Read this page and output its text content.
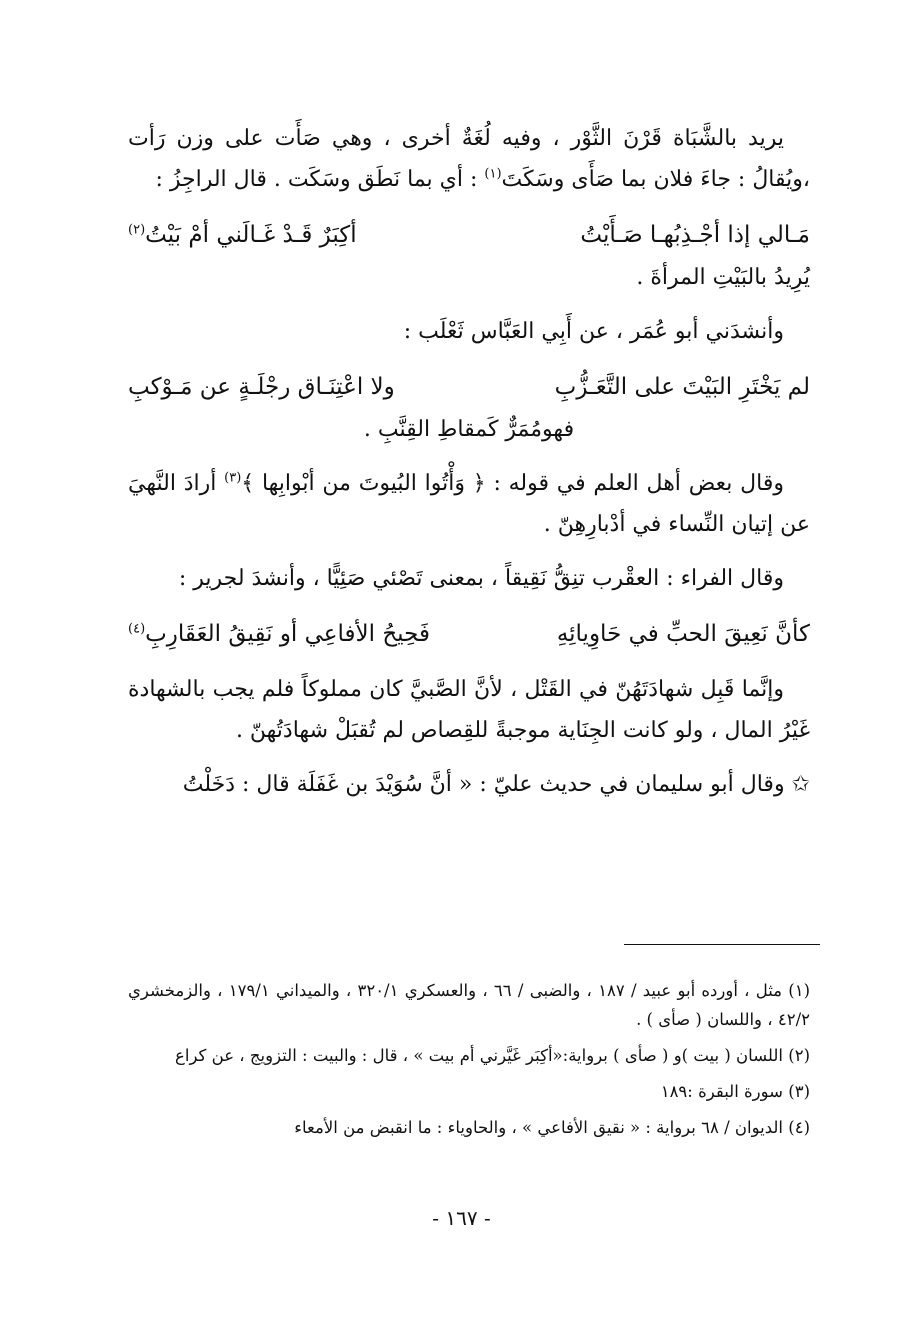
يريد بالشَّبَاة قَرْنَ الثَّوْر ، وفيه لُغَةٌ أخرى ، وهي صَأَت على وزن رَأت ،ويُقالُ : جاءَ فلان بما صَأَى وسَكَتَ$^{(١)}$ : أي بما نَطَق وسَكَت . قال الراجِزُ :

مَـالي إذا أجْـذِبُهـا صَـأَيْتُ
أكِبَرٌ قَـدْ غَـالَني أمْ بَيْتُ$^{(٢)}$

يُرِيدُ بالبَيْتِ المرأةَ .

وأنشدَني أبو عُمَر ، عن أَبِي العَبَّاس ثَعْلَب :

لم يَخْتَرِ البَيْتَ على التَّعَـزُّبِ
ولا اعْتِنَـاق رجْلَـةٍ عن مَـوْكبِ

فهومُمَرٌّ كَمقاطِ القِنَّبِ .

وقال بعض أهل العلم في قوله : ﴿ وَأْتُوا البُيوتَ من أبْوابِها ﴾$^{(٣)}$ أرادَ النَّهيَ عن إتيان النِّساء في أدْبارِهِنّ .

وقال الفراء : العقْرب تنِقُّ نَقِيقاً ، بمعنى تَصْئي صَئِيًّا ، وأنشدَ لجرير :

كأنَّ نَعِيقَ الحبِّ في حَاوِيائِهِ
فَحِيحُ الأفاعِي أو نَقِيقُ العَقَارِبِ$^{(٤)}$

وإنَّما قَبِل شهادَتَهُنّ في القَتْل ، لأنَّ الصَّبيَّ كان مملوكاً فلم يجب بالشهادة غَيْرُ المال ، ولو كانت الجِنَاية موجبةً للقِصاص لم تُقبَلْ شهادَتُهنّ .

✩ وقال أبو سليمان في حديث عليّ : « أنَّ سُوَيْدَ بن غَفَلَة قال : دَخَلْتُ

(١) مثل ، أورده أبو عبيد / ١٨٧ ، والضبى / ٦٦ ، والعسكري ٣٢٠/١ ، والميداني ١٧٩/١ ، والزمخشري ٤٢/٢ ، واللسان ( صأى ) .

(٢) اللسان ( بيت )و ( صأى ) برواية:«أكِبَر غَيَّرني أم بيت » ، قال : والبيت : التزويج ، عن كراع

(٣) سورة البقرة :١٨٩

(٤) الديوان / ٦٨ برواية : « نقيق الأفاعي » ، والحاوياء : ما انقبض من الأمعاء

- ١٦٧ -
